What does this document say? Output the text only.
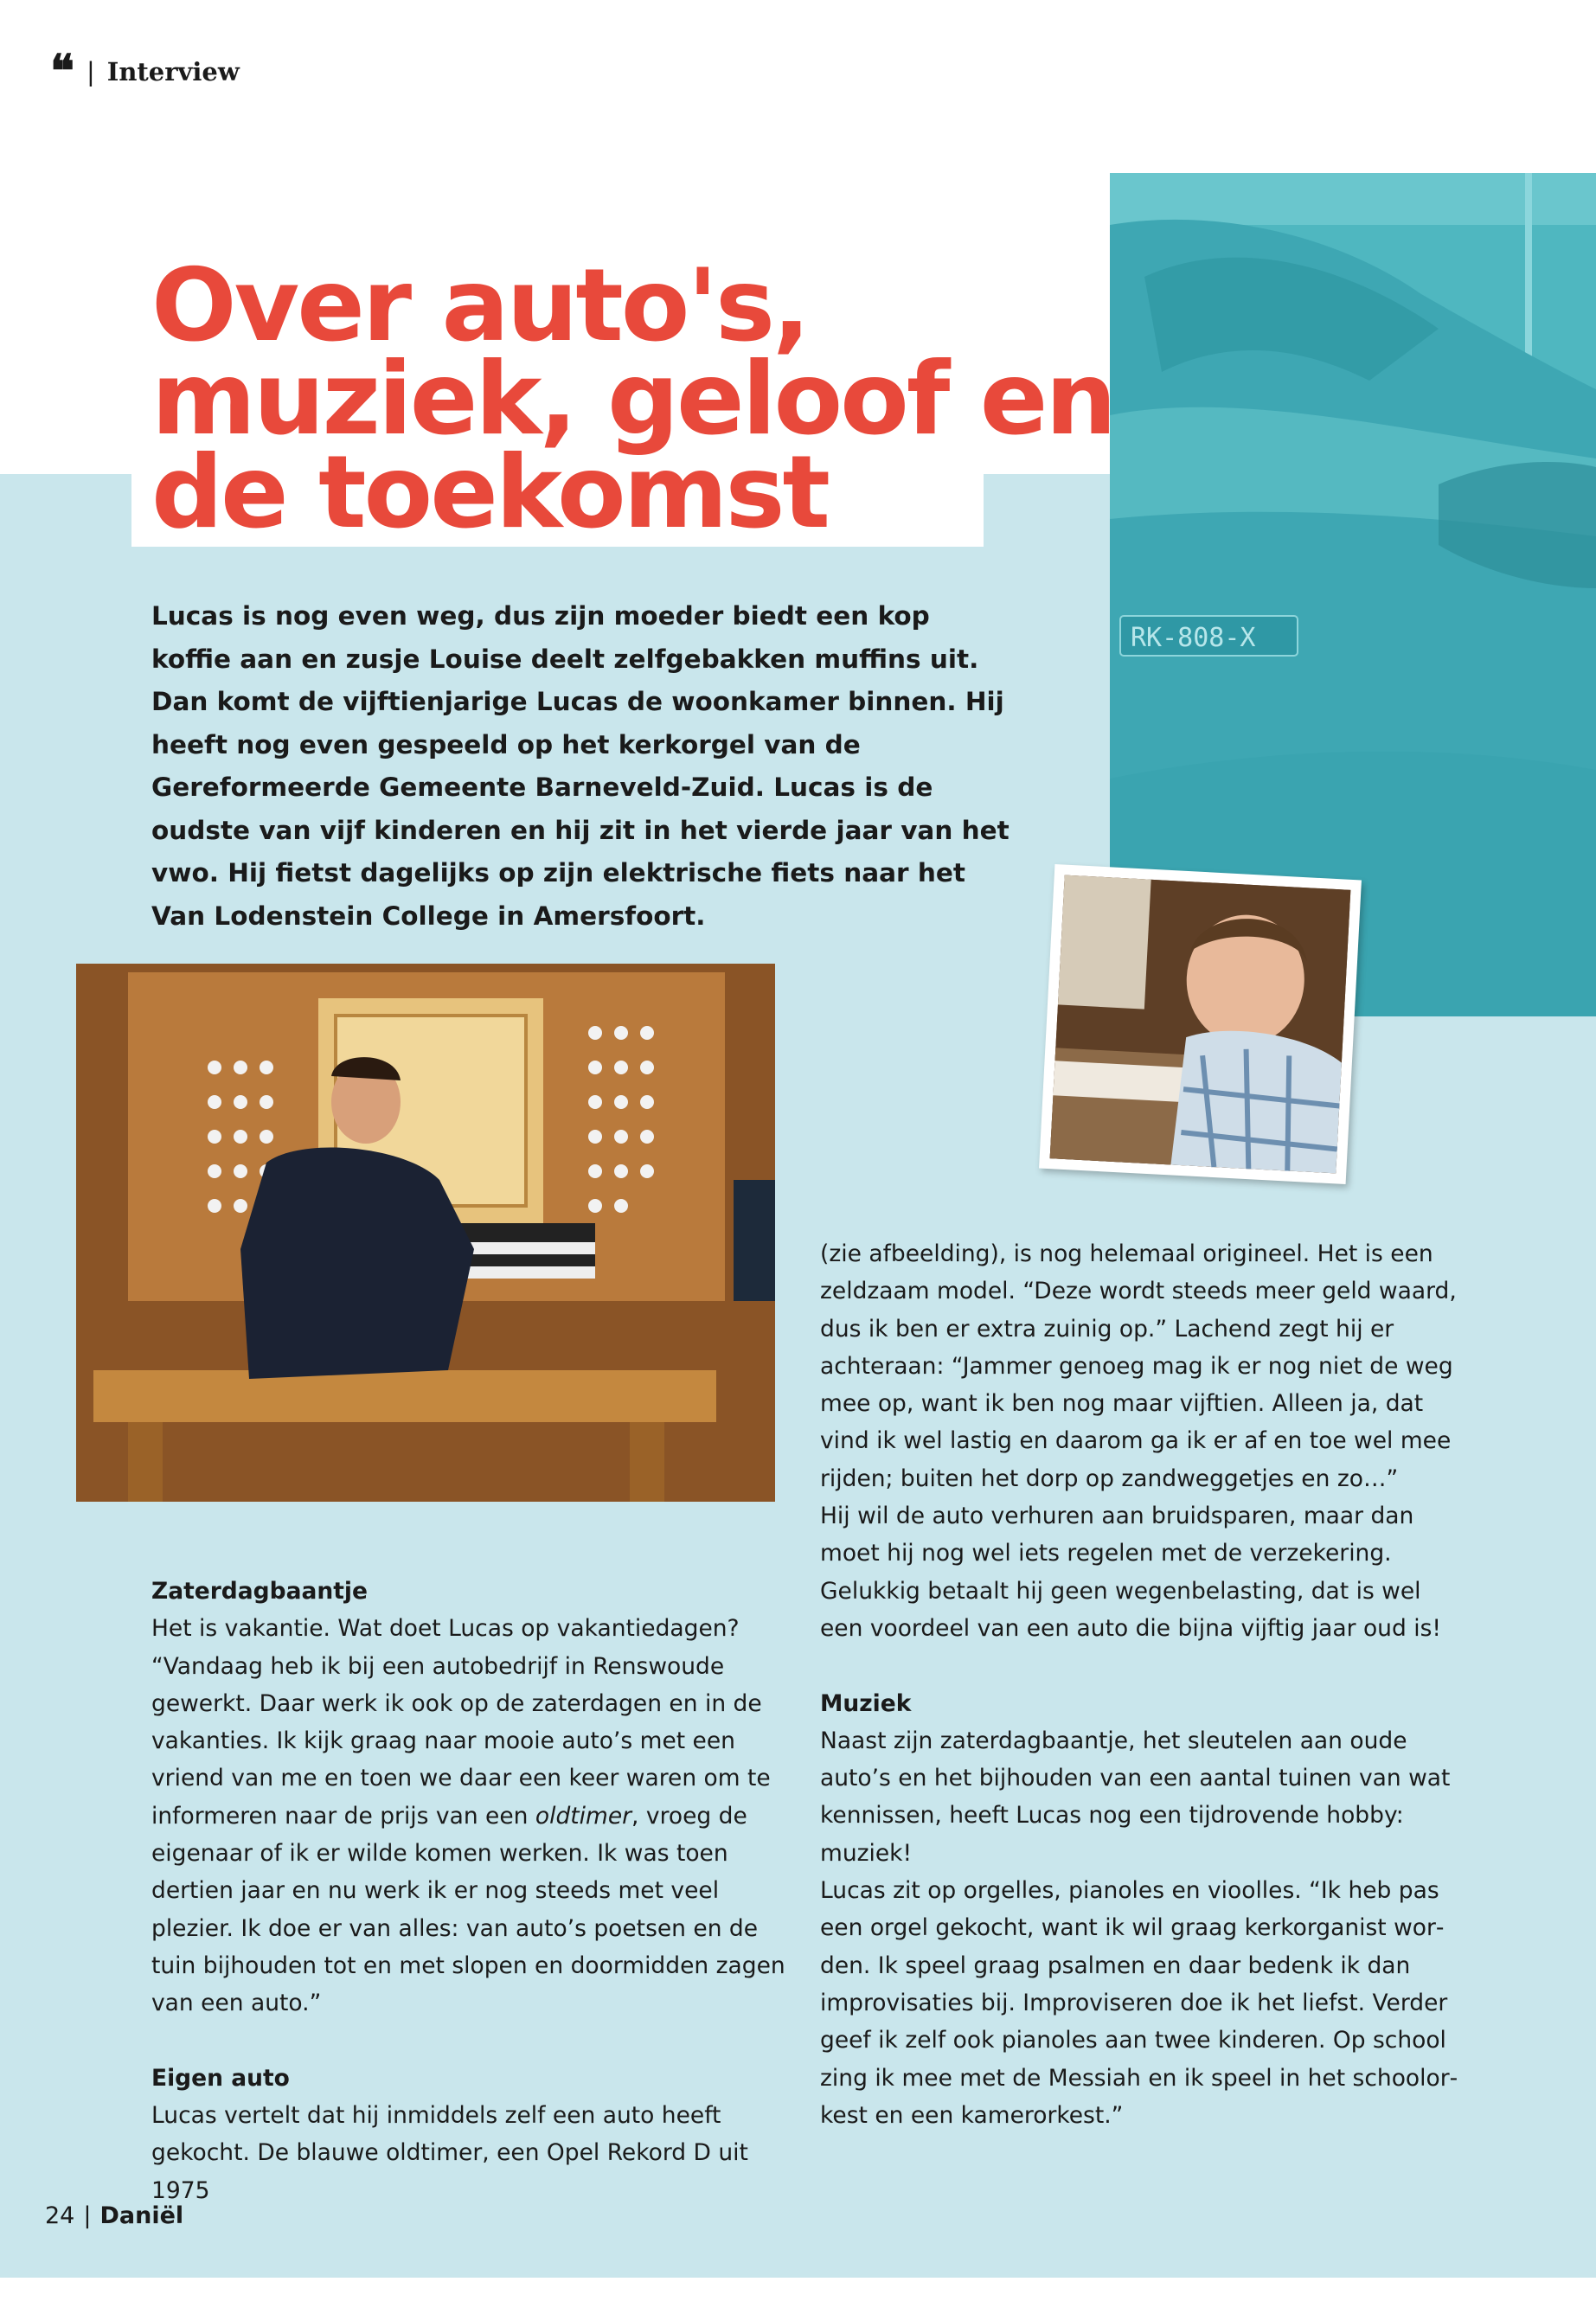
❝ | Interview
RK-808-X
Over auto's,
muziek, geloof en
de toekomst

Lucas is nog even weg, dus zijn moeder biedt een kop koffie aan en zusje Louise deelt zelfgebakken muffins uit. Dan komt de vijftienjarige Lucas de woonkamer binnen. Hij heeft nog even gespeeld op het kerkorgel van de Gereformeerde Gemeente Barneveld-Zuid. Lucas is de oudste van vijf kinderen en hij zit in het vierde jaar van het vwo. Hij fietst dagelijks op zijn elektrische fiets naar het Van Lodenstein College in Amersfoort.

Zaterdagbaantje

Het is vakantie. Wat doet Lucas op vakantiedagen? “Vandaag heb ik bij een autobedrijf in Renswoude gewerkt. Daar werk ik ook op de zaterdagen en in de vakanties. Ik kijk graag naar mooie auto’s met een vriend van me en toen we daar een keer waren om te informeren naar de prijs van een oldtimer, vroeg de eigenaar of ik er wilde komen werken. Ik was toen dertien jaar en nu werk ik er nog steeds met veel plezier. Ik doe er van alles: van auto’s poetsen en de tuin bijhouden tot en met slopen en doormidden zagen van een auto.”

Eigen auto

Lucas vertelt dat hij inmiddels zelf een auto heeft gekocht. De blauwe oldtimer, een Opel Rekord D uit 1975

(zie afbeelding), is nog helemaal origineel. Het is een zeldzaam model. “Deze wordt steeds meer geld waard, dus ik ben er extra zuinig op.” Lachend zegt hij er achteraan: “Jammer genoeg mag ik er nog niet de weg mee op, want ik ben nog maar vijftien. Alleen ja, dat vind ik wel lastig en daarom ga ik er af en toe wel mee rijden; buiten het dorp op zandweggetjes en zo…”

Hij wil de auto verhuren aan bruidsparen, maar dan moet hij nog wel iets regelen met de verzekering. Gelukkig betaalt hij geen wegenbelasting, dat is wel een voordeel van een auto die bijna vijftig jaar oud is!

Muziek

Naast zijn zaterdagbaantje, het sleutelen aan oude auto’s en het bijhouden van een aantal tuinen van wat kennissen, heeft Lucas nog een tijdrovende hobby: muziek!

Lucas zit op orgelles, pianoles en vioolles. “Ik heb pas een orgel gekocht, want ik wil graag kerkorganist worden. Ik speel graag psalmen en daar bedenk ik dan improvisaties bij. Improviseren doe ik het liefst. Verder geef ik zelf ook pianoles aan twee kinderen. Op school zing ik mee met de Messiah en ik speel in het schoolorkest en een kamerorkest.”

24 | Daniël
